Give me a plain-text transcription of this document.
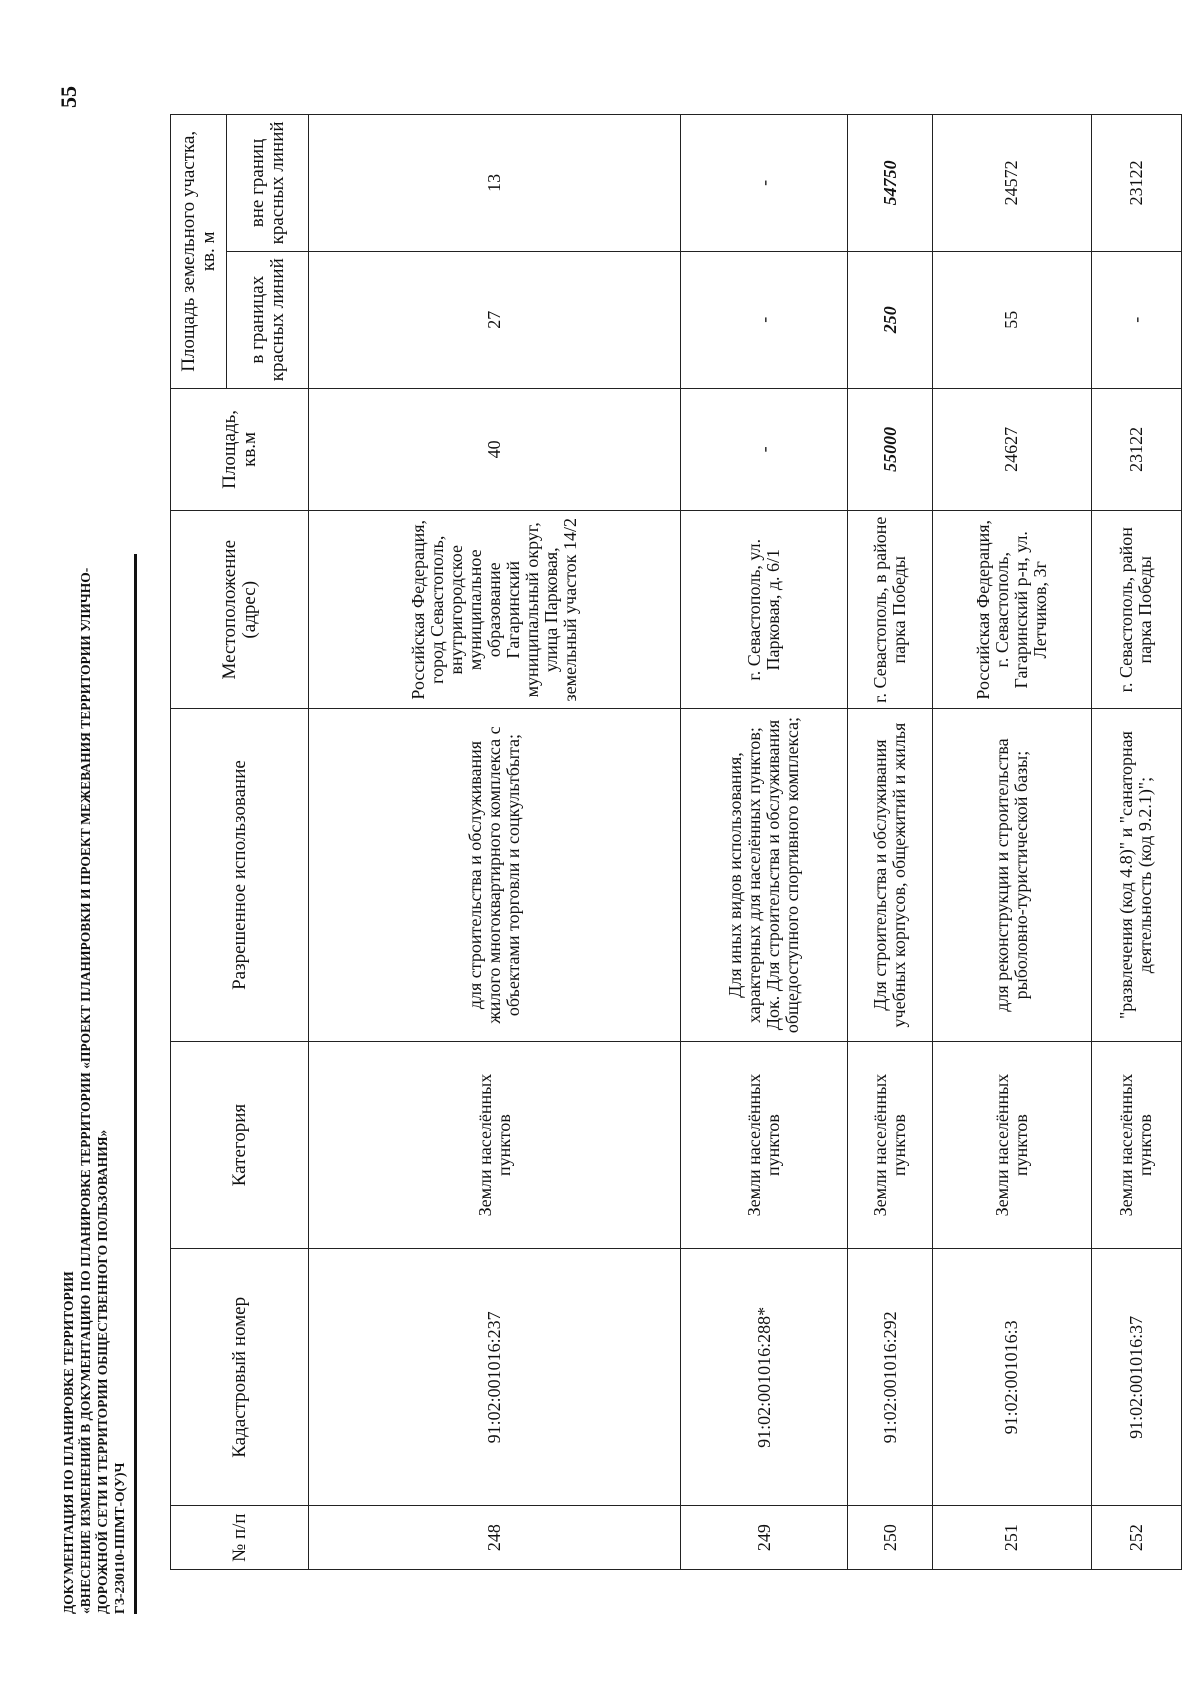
55
ДОКУМЕНТАЦИЯ ПО ПЛАНИРОВКЕ ТЕРРИТОРИИ «ВНЕСЕНИЕ ИЗМЕНЕНИЙ В ДОКУМЕНТАЦИЮ ПО ПЛАНИРОВКЕ ТЕРРИТОРИИ «ПРОЕКТ ПЛАНИРОВКИ И ПРОЕКТ МЕЖЕВАНИЯ ТЕРРИТОРИИ УЛИЧНО- ДОРОЖНОЙ СЕТИ И ТЕРРИТОРИИ ОБЩЕСТВЕННОГО ПОЛЬЗОВАНИЯ» ГЗ-230110-ППМТ-О(У)Ч	№ п/п	Кадастровый номер	Категория	Разрешенное использование	Местоположение (адрес)	Площадь, кв.м	Площадь земельного участка, кв. м	
						в границах красных линий	вне границ красных линий
248	91:02:001016:237	Земли населённых пунктов	для строительства и обслуживания жилого многоквартирного комплекса с объектами торговли и соцкультбыта;	Российская Федерация, город Севастополь, внутригородское муниципальное образование Гагаринский муниципальный округ, улица Парковая, земельный участок 14/2	40	27	13
249	91:02:001016:288*	Земли населённых пунктов	Для иных видов использования, характерных для населённых пунктов; Док. Для строительства и обслуживания общедоступного спортивного комплекса;	г. Севастополь, ул. Парковая, д. 6/1	-	-	-
250	91:02:001016:292	Земли населённых пунктов	Для строительства и обслуживания учебных корпусов, общежитий и жилья	г. Севастополь, в районе парка Победы	55000	250	54750
251	91:02:001016:3	Земли населённых пунктов	для реконструкции и строительства рыболовно-туристической базы;	Российская Федерация, г. Севастополь, Гагаринский р-н, ул. Летчиков, 3г	24627	55	24572
252	91:02:001016:37	Земли населённых пунктов	"развлечения (код 4.8)" и "санаторная деятельность (код 9.2.1)";	г. Севастополь, район парка Победы	23122	-	23122
